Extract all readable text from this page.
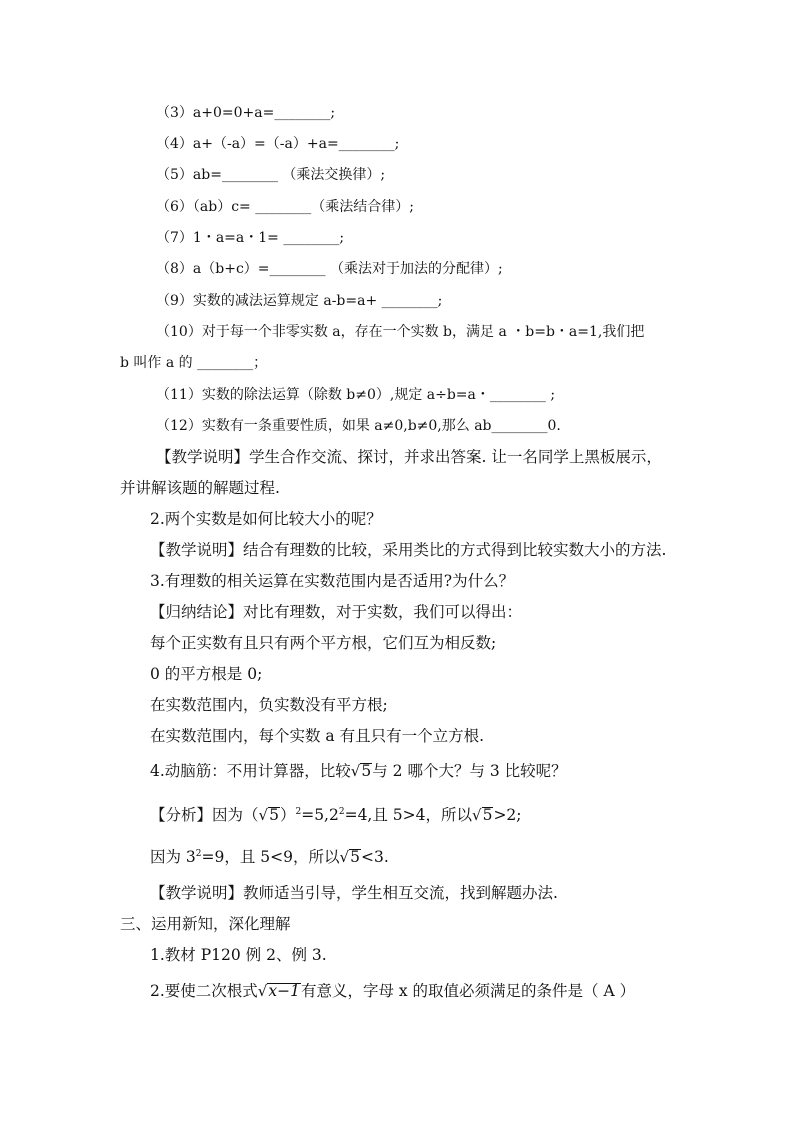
（3）a+0=0+a=________;
（4）a+（-a）=（-a）+a=________;
（5）ab=________ （乘法交换律）;
（6）（ab）c= ________（乘法结合律）;
（7）1・a=a・1= ________;
（8）a（b+c）=________ （乘法对于加法的分配律）;
（9）实数的减法运算规定 a-b=a+ ________;
（10）对于每一个非零实数 a，存在一个实数 b，满足 a ・b=b・a=1,我们把
b 叫作 a 的 ________；
（11）实数的除法运算（除数 b≠0）,规定 a÷b=a・________ ;
（12）实数有一条重要性质，如果 a≠0,b≠0,那么 ab________0.
【教学说明】学生合作交流、探讨，并求出答案. 让一名同学上黑板展示，
并讲解该题的解题过程.
2.两个实数是如何比较大小的呢？
【教学说明】结合有理数的比较，采用类比的方式得到比较实数大小的方法.
3.有理数的相关运算在实数范围内是否适用?为什么？
【归纳结论】对比有理数，对于实数，我们可以得出：
每个正实数有且只有两个平方根，它们互为相反数;
0 的平方根是 0;
在实数范围内，负实数没有平方根;
在实数范围内，每个实数 a 有且只有一个立方根.
4.动脑筋：不用计算器，比较√5与 2 哪个大？与 3 比较呢？
【分析】因为$(√5)^2=5,2^2=4$,且 5>4，所以√5>2;
因为 $3^2=9$，且 5<9，所以√5<3.
【教学说明】教师适当引导，学生相互交流，找到解题办法.
三、运用新知，深化理解
1.教材 P120 例 2、例 3.
2.要使二次根式√x−1有意义，字母 x 的取值必须满足的条件是（ A ）
